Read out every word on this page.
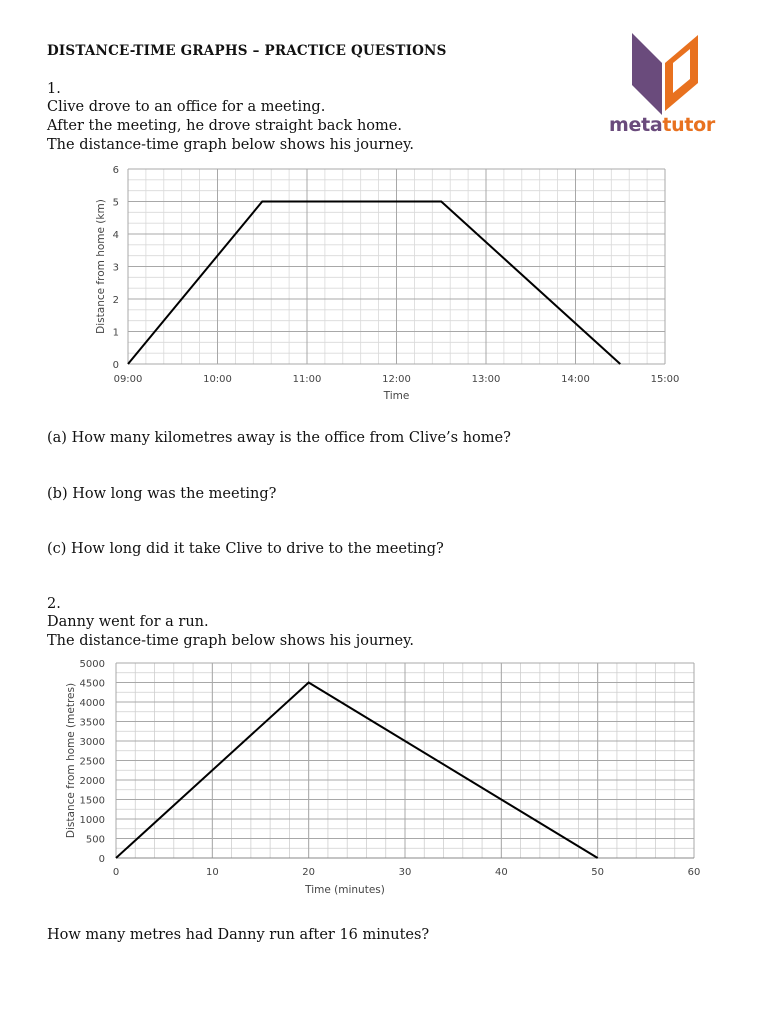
DISTANCE-TIME GRAPHS – PRACTICE QUESTIONS
metatutor
1.
Clive drove to an office for a meeting.
After the meeting, he drove straight back home.
The distance-time graph below shows his journey.
09:00	10:00	11:00	12:00	13:00	14:00	15:00
0
1
2
3
4
5
6
Time
Distance from home (km)
(a) How many kilometres away is the office from Clive’s home?
(b) How long was the meeting?
(c) How long did it take Clive to drive to the meeting?
2.
Danny went for a run.
The distance-time graph below shows his journey.
0	10	20	30	40	50	60
0
500
1000
1500
2000
2500
3000
3500
4000
4500
5000
Time (minutes)
Distance from home (metres)
How many metres had Danny run after 16 minutes?
